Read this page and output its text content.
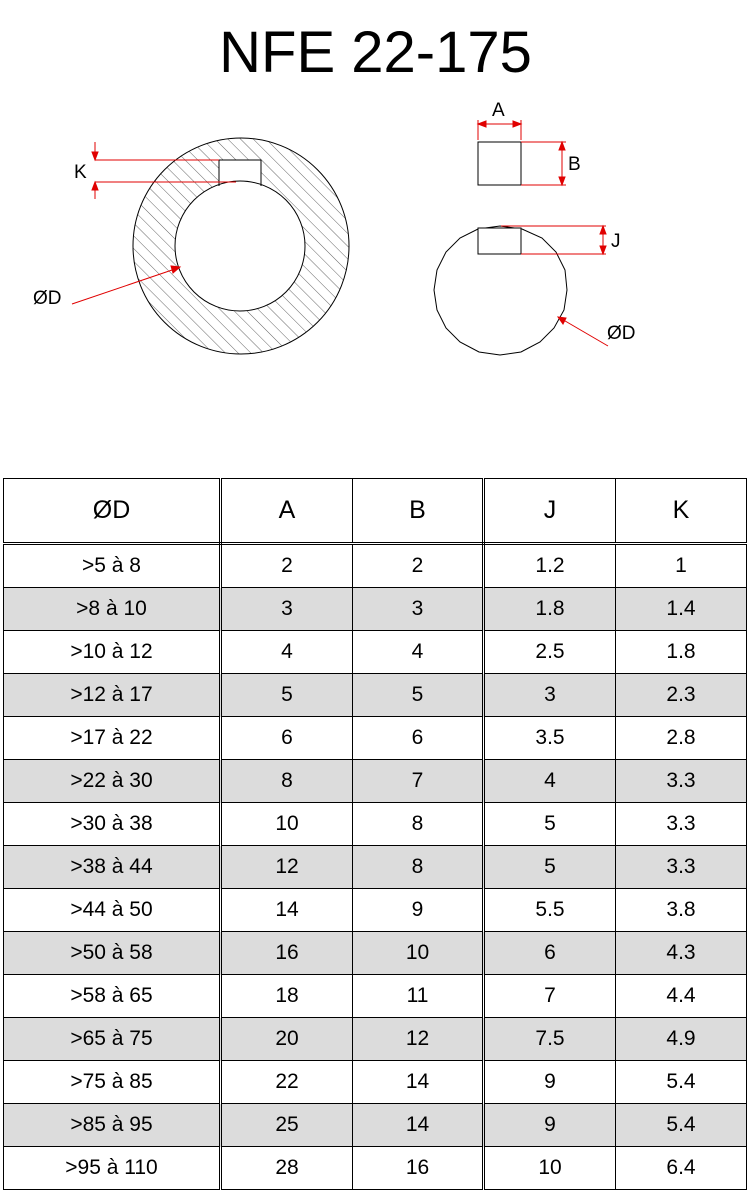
NFE 22-175
K
ØD
A
B
J
ØD
ØD	A	B	J	K
>5 à 8	2	2	1.2	1
>8 à 10	3	3	1.8	1.4
>10 à 12	4	4	2.5	1.8
>12 à 17	5	5	3	2.3
>17 à 22	6	6	3.5	2.8
>22 à 30	8	7	4	3.3
>30 à 38	10	8	5	3.3
>38 à 44	12	8	5	3.3
>44 à 50	14	9	5.5	3.8
>50 à 58	16	10	6	4.3
>58 à 65	18	11	7	4.4
>65 à 75	20	12	7.5	4.9
>75 à 85	22	14	9	5.4
>85 à 95	25	14	9	5.4
>95 à 110	28	16	10	6.4
